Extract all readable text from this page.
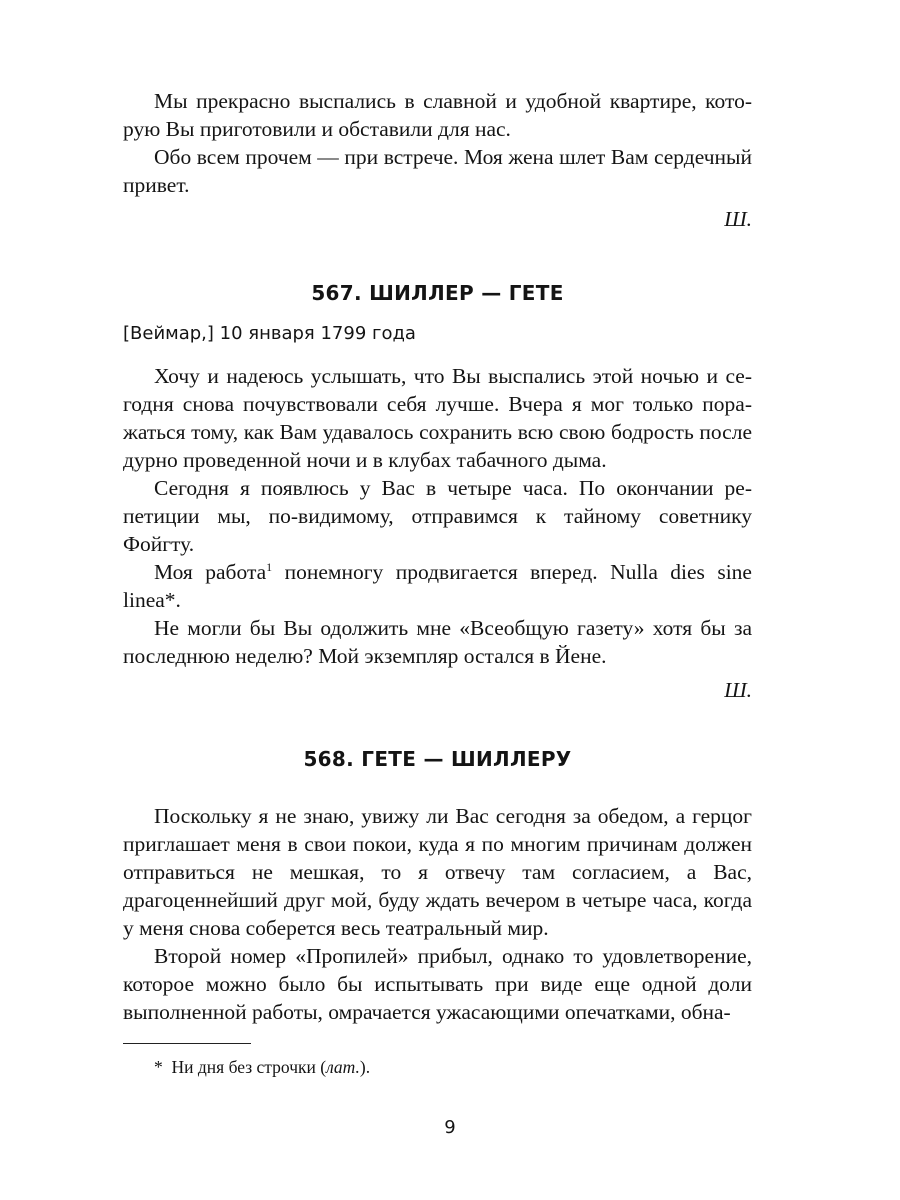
Мы прекрасно выспались в славной и удобной квартире, которую Вы приготовили и обставили для нас.

Обо всем прочем — при встрече. Моя жена шлет Вам сердечный привет.

Ш.

567. ШИЛЛЕР — ГЕТЕ

[Веймар,] 10 января 1799 года

Хочу и надеюсь услышать, что Вы выспались этой ночью и сегодня снова почувствовали себя лучше. Вчера я мог только поражаться тому, как Вам удавалось сохранить всю свою бодрость после дурно проведенной ночи и в клубах табачного дыма.

Сегодня я появлюсь у Вас в четыре часа. По окончании репетиции мы, по-видимому, отправимся к тайному советнику Фойгту.

Моя работа$^1$ понемногу продвигается вперед. Nulla dies sine linea*.

Не могли бы Вы одолжить мне «Всеобщую газету» хотя бы за последнюю неделю? Мой экземпляр остался в Йене.

Ш.

568. ГЕТЕ — ШИЛЛЕРУ

Поскольку я не знаю, увижу ли Вас сегодня за обедом, а герцог приглашает меня в свои покои, куда я по многим причинам должен отправиться не мешкая, то я отвечу там согласием, а Вас, драгоценнейший друг мой, буду ждать вечером в четыре часа, когда у меня снова соберется весь театральный мир.

Второй номер «Пропилей» прибыл, однако то удовлетворение, которое можно было бы испытывать при виде еще одной доли выполненной работы, омрачается ужасающими опечатками, обна-

* Ни дня без строчки (лат.).

9
